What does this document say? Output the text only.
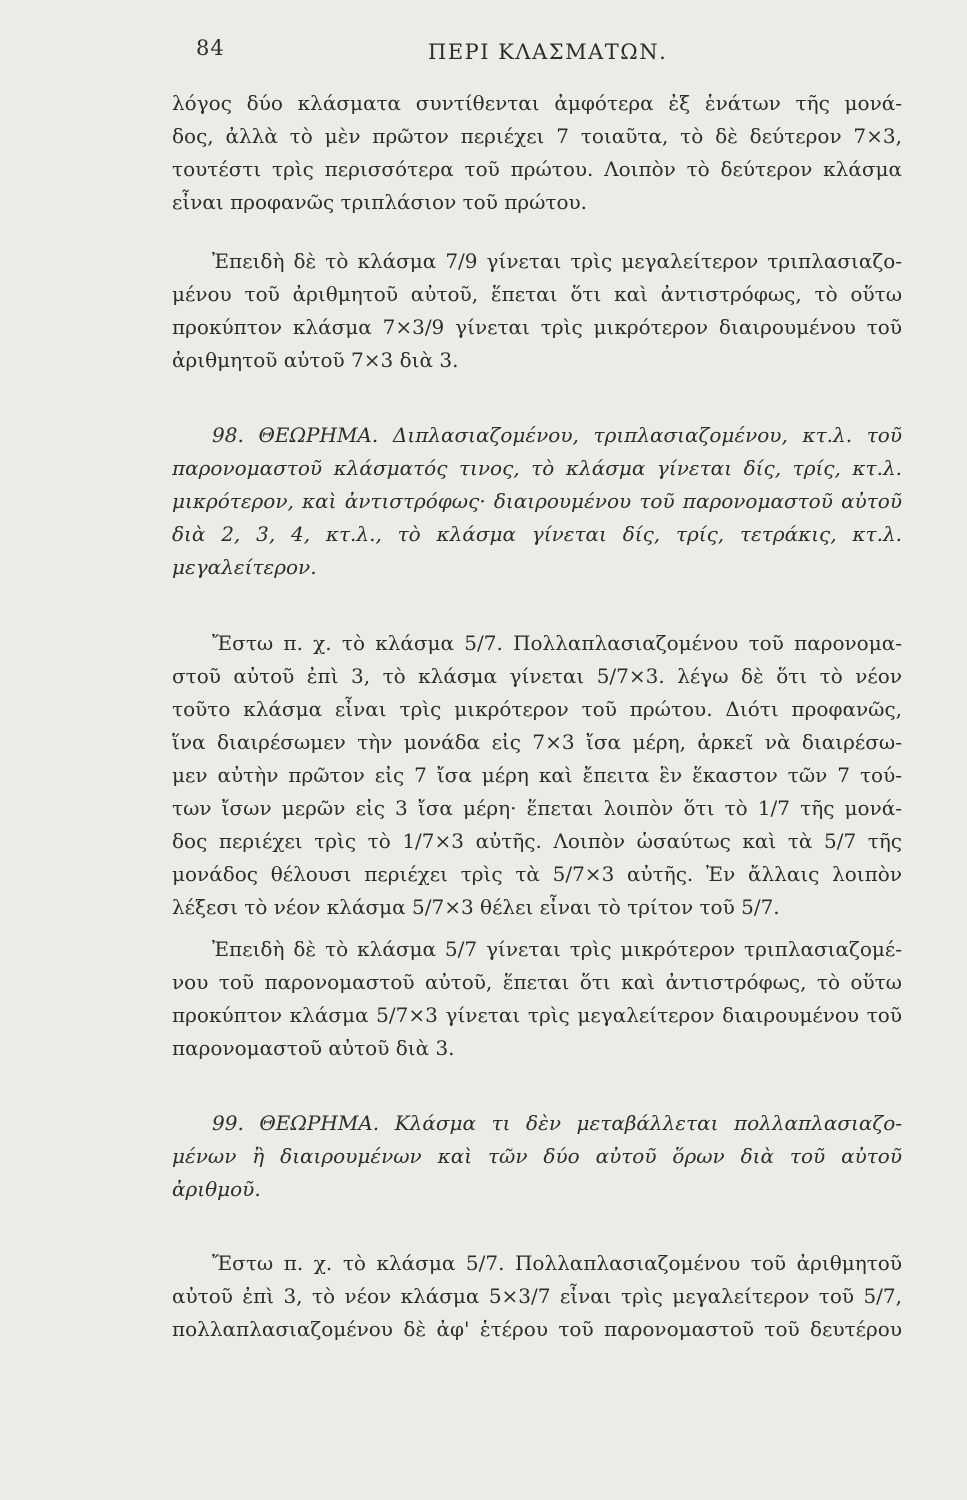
84	ΠΕΡΙ ΚΛΑΣΜΑΤΩΝ.
λόγος δύο κλάσματα συντίθενται ἀμφότερα ἐξ ἑνάτων τῆς μονά-
δος, ἀλλὰ τὸ μὲν πρῶτον περιέχει 7 τοιαῦτα, τὸ δὲ δεύτερον 7×3,
τουτέστι τρὶς περισσότερα τοῦ πρώτου. Λοιπὸν τὸ δεύτερον κλάσμα
εἶναι προφανῶς τριπλάσιον τοῦ πρώτου.
Ἐπειδὴ δὲ τὸ κλάσμα 7/9 γίνεται τρὶς μεγαλείτερον τριπλασιαζο-
μένου τοῦ ἀριθμητοῦ αὐτοῦ, ἕπεται ὅτι καὶ ἀντιστρόφως, τὸ οὕτω
προκύπτον κλάσμα 7×3/9 γίνεται τρὶς μικρότερον διαιρουμένου τοῦ
ἀριθμητοῦ αὐτοῦ 7×3 διὰ 3.
98. ΘΕΩΡΗΜΑ. Διπλασιαζομένου, τριπλασιαζομένου, κτ.λ. τοῦ
παρονομαστοῦ κλάσματός τινος, τὸ κλάσμα γίνεται δίς, τρίς, κτ.λ.
μικρότερον, καὶ ἀντιστρόφως· διαιρουμένου τοῦ παρονομαστοῦ αὐτοῦ
διὰ 2, 3, 4, κτ.λ., τὸ κλάσμα γίνεται δίς, τρίς, τετράκις, κτ.λ.
μεγαλείτερον.
Ἔστω π. χ. τὸ κλάσμα 5/7. Πολλαπλασιαζομένου τοῦ παρονομα-
στοῦ αὐτοῦ ἐπὶ 3, τὸ κλάσμα γίνεται 5/7×3. λέγω δὲ ὅτι τὸ νέον
τοῦτο κλάσμα εἶναι τρὶς μικρότερον τοῦ πρώτου. Διότι προφανῶς,
ἵνα διαιρέσωμεν τὴν μονάδα εἰς 7×3 ἴσα μέρη, ἀρκεῖ νὰ διαιρέσω-
μεν αὐτὴν πρῶτον εἰς 7 ἴσα μέρη καὶ ἔπειτα ἓν ἕκαστον τῶν 7 τού-
των ἴσων μερῶν εἰς 3 ἴσα μέρη· ἕπεται λοιπὸν ὅτι τὸ 1/7 τῆς μονά-
δος περιέχει τρὶς τὸ 1/7×3 αὐτῆς. Λοιπὸν ὡσαύτως καὶ τὰ 5/7 τῆς
μονάδος θέλουσι περιέχει τρὶς τὰ 5/7×3 αὐτῆς. Ἐν ἄλλαις λοιπὸν
λέξεσι τὸ νέον κλάσμα 5/7×3 θέλει εἶναι τὸ τρίτον τοῦ 5/7.
Ἐπειδὴ δὲ τὸ κλάσμα 5/7 γίνεται τρὶς μικρότερον τριπλασιαζομέ-
νου τοῦ παρονομαστοῦ αὐτοῦ, ἕπεται ὅτι καὶ ἀντιστρόφως, τὸ οὕτω
προκύπτον κλάσμα 5/7×3 γίνεται τρὶς μεγαλείτερον διαιρουμένου τοῦ
παρονομαστοῦ αὐτοῦ διὰ 3.
99. ΘΕΩΡΗΜΑ. Κλάσμα τι δὲν μεταβάλλεται πολλαπλασιαζο-
μένων ἢ διαιρουμένων καὶ τῶν δύο αὐτοῦ ὅρων διὰ τοῦ αὐτοῦ
ἀριθμοῦ.
Ἔστω π. χ. τὸ κλάσμα 5/7. Πολλαπλασιαζομένου τοῦ ἀριθμητοῦ
αὐτοῦ ἐπὶ 3, τὸ νέον κλάσμα 5×3/7 εἶναι τρὶς μεγαλείτερον τοῦ 5/7,
πολλαπλασιαζομένου δὲ ἀφ' ἑτέρου τοῦ παρονομαστοῦ τοῦ δευτέρου
